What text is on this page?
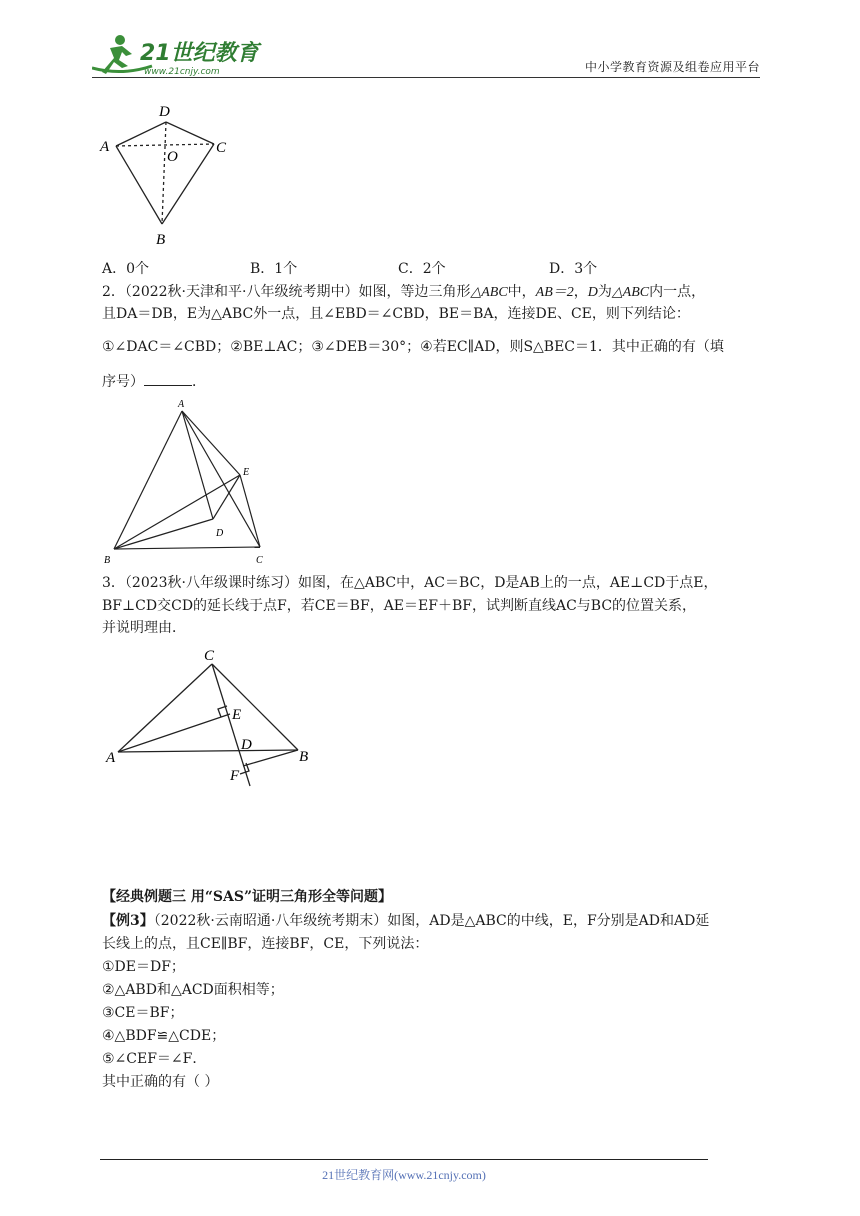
21世纪教育
www.21cnjy.com	中小学教育资源及组卷应用平台
D
A
O
C
B
A．0个	B．1个	C．2个	D．3个
2．（2022秋·天津和平·八年级统考期中）如图，等边三角形△ABC中，AB＝2，D为△ABC内一点，
且DA＝DB，E为△ABC外一点，且∠EBD＝∠CBD，BE＝BA，连接DE、CE，则下列结论：
①∠DAC＝∠CBD；②BE⊥AC；③∠DEB＝30°；④若EC∥AD，则S△BEC＝1．其中正确的有（填
序号）	．
A
E
D
B	C
3．（2023秋·八年级课时练习）如图，在△ABC中，AC＝BC，D是AB上的一点，AE⊥CD于点E，
BF⊥CD交CD的延长线于点F，若CE＝BF，AE＝EF＋BF，试判断直线AC与BC的位置关系，
并说明理由．
C
E
D
A	B
F
【经典例题三 用“SAS”证明三角形全等问题】
【例3】（2022秋·云南昭通·八年级统考期末）如图，AD是△ABC的中线，E，F分别是AD和AD延
长线上的点，且CE∥BF，连接BF，CE，下列说法：
①DE＝DF；
②△ABD和△ACD面积相等；
③CE＝BF；
④△BDF≌△CDE；
⑤∠CEF＝∠F．
其中正确的有（ ）
21世纪教育网(www.21cnjy.com)
